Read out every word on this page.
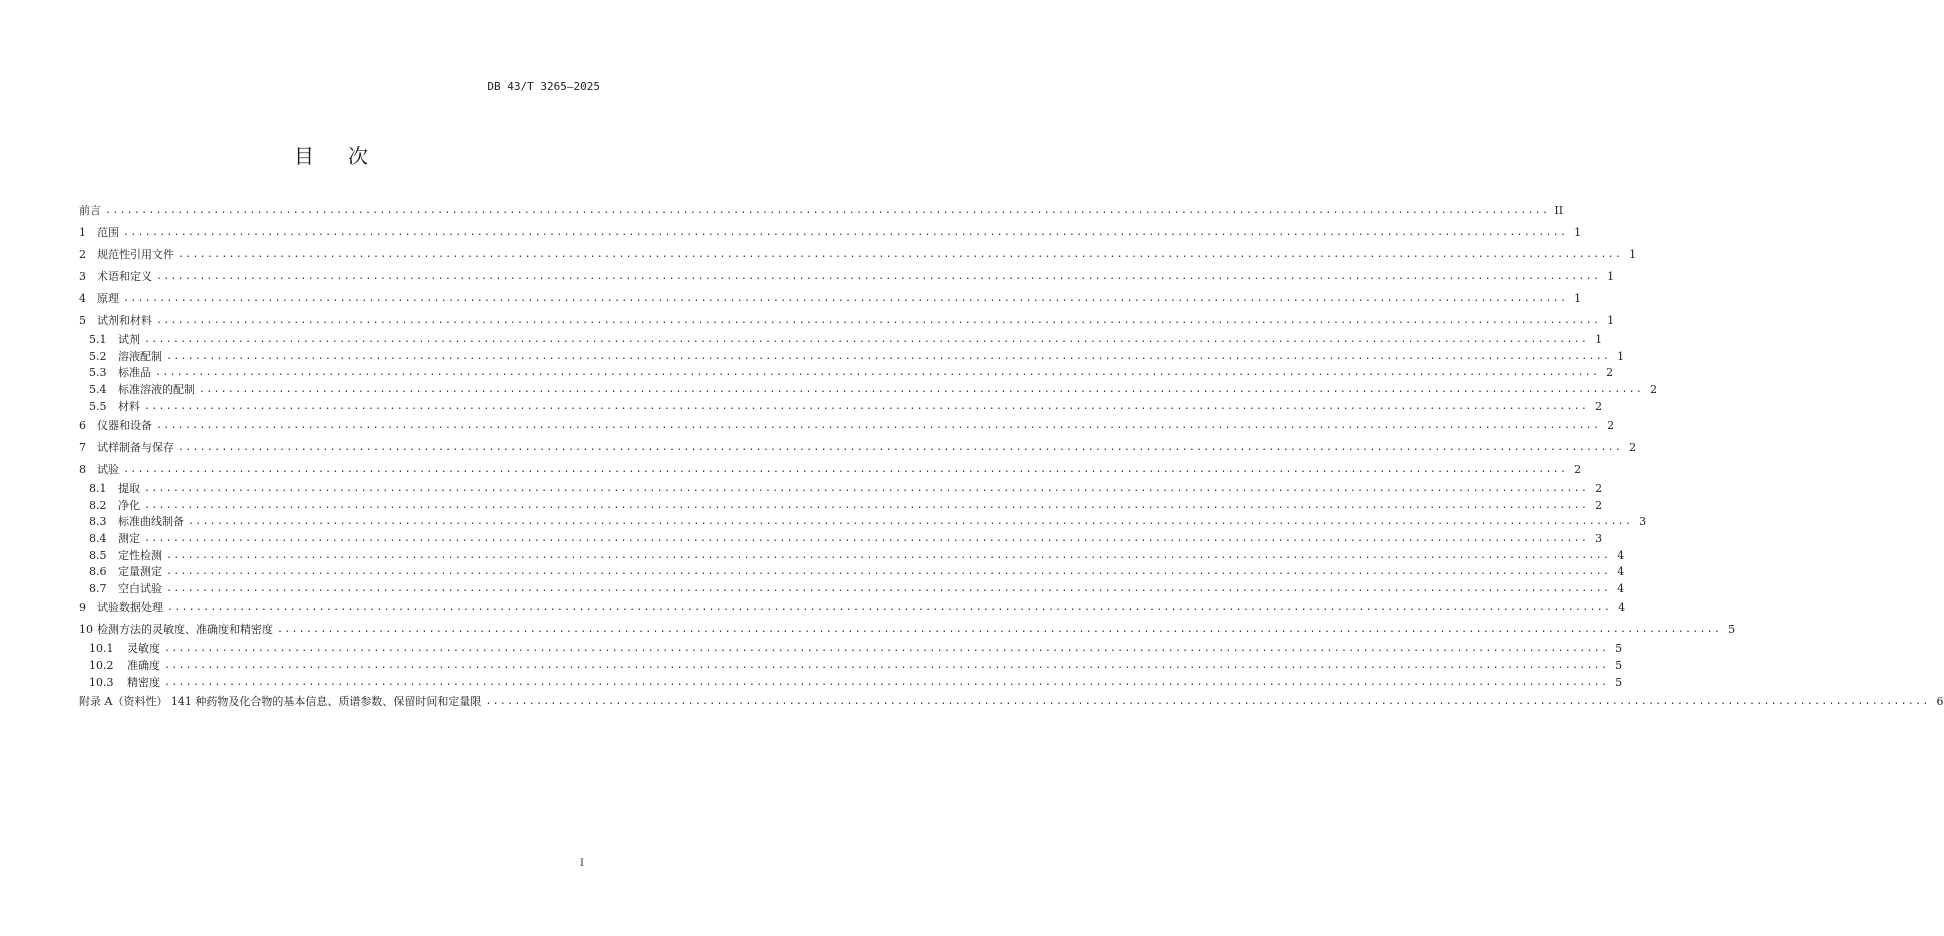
DB 43/T 3265—2025
目次
前言 ........................................................................................................................................................................................................ II
1	范围 ........................................................................................................................................................................................................ 1
2	规范性引用文件 ........................................................................................................................................................................................................ 1
3	术语和定义 ........................................................................................................................................................................................................ 1
4	原理 ........................................................................................................................................................................................................ 1
5	试剂和材料 ........................................................................................................................................................................................................ 1
5.1	试剂 ........................................................................................................................................................................................................ 1
5.2	溶液配制 ........................................................................................................................................................................................................ 1
5.3	标准品 ........................................................................................................................................................................................................ 2
5.4	标准溶液的配制 ........................................................................................................................................................................................................ 2
5.5	材料 ........................................................................................................................................................................................................ 2
6	仪器和设备 ........................................................................................................................................................................................................ 2
7	试样制备与保存 ........................................................................................................................................................................................................ 2
8	试验 ........................................................................................................................................................................................................ 2
8.1	提取 ........................................................................................................................................................................................................ 2
8.2	净化 ........................................................................................................................................................................................................ 2
8.3	标准曲线制备 ........................................................................................................................................................................................................ 3
8.4	测定 ........................................................................................................................................................................................................ 3
8.5	定性检测 ........................................................................................................................................................................................................ 4
8.6	定量测定 ........................................................................................................................................................................................................ 4
8.7	空白试验 ........................................................................................................................................................................................................ 4
9	试验数据处理 ........................................................................................................................................................................................................ 4
10 检测方法的灵敏度、准确度和精密度 ........................................................................................................................................................................................................ 5
10.1	灵敏度 ........................................................................................................................................................................................................ 5
10.2	准确度 ........................................................................................................................................................................................................ 5
10.3	精密度 ........................................................................................................................................................................................................ 5
附录 A（资料性） 141 种药物及化合物的基本信息、质谱参数、保留时间和定量限 ........................................................................................................................................................................................................ 6
I
